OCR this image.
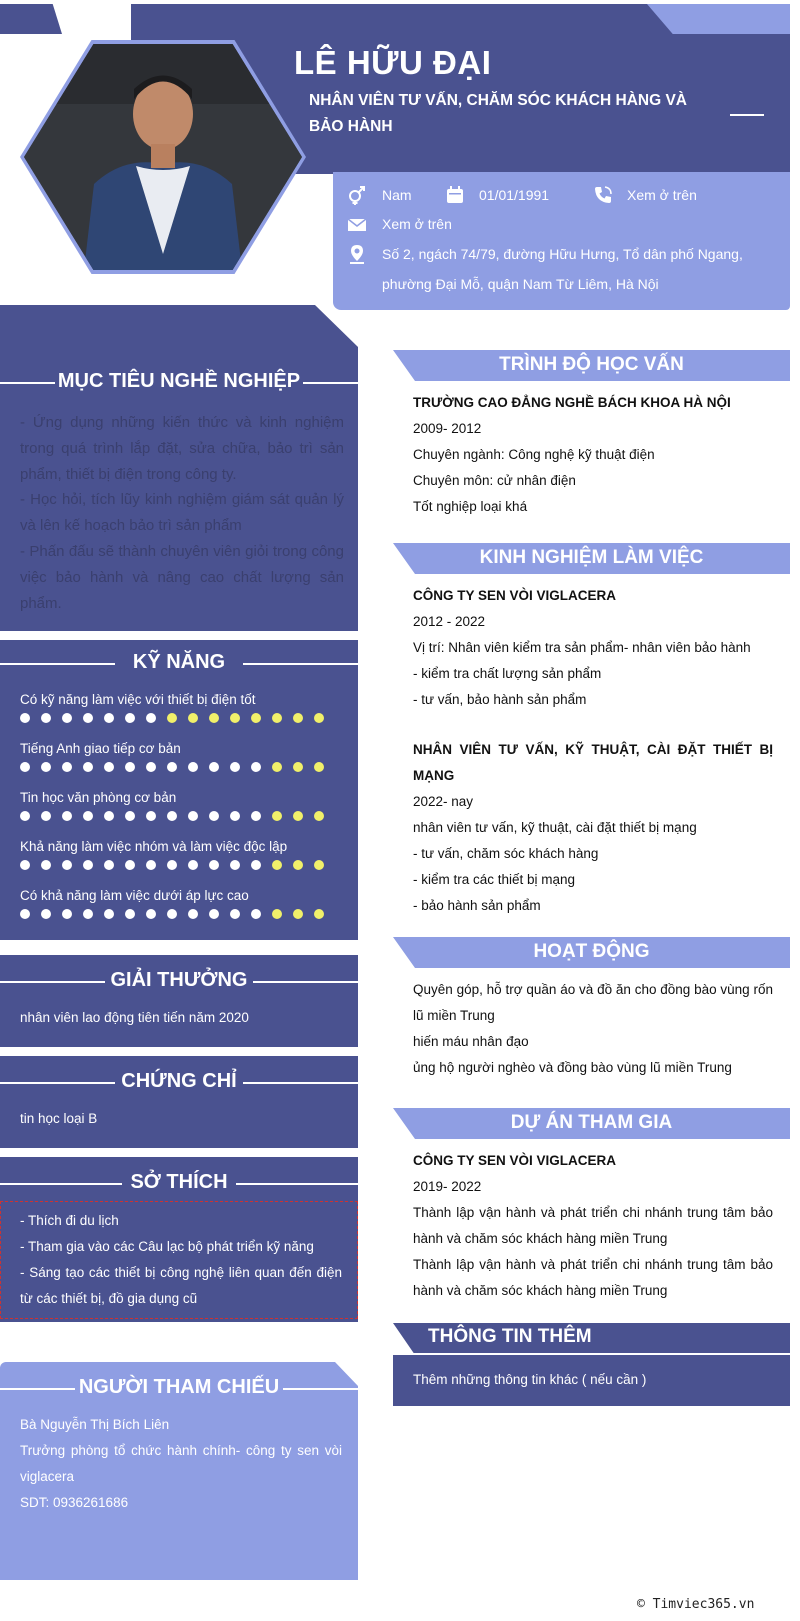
LÊ HỮU ĐẠI
NHÂN VIÊN TƯ VẤN, CHĂM SÓC KHÁCH HÀNG VÀ BẢO HÀNH
Nam	01/01/1991	Xem ở trên
Xem ở trên
Số 2, ngách 74/79, đường Hữu Hưng, Tổ dân phố Ngang,
phường Đại Mỗ, quận Nam Từ Liêm, Hà Nội
MỤC TIÊU NGHỀ NGHIỆP
- Ứng dụng những kiến thức và kinh nghiệm trong quá trình lắp đặt, sửa chữa, bảo trì sản phẩm, thiết bị điện trong công ty.
- Học hỏi, tích lũy kinh nghiệm giám sát quản lý và lên kế hoạch bảo trì sản phẩm
- Phấn đấu sẽ thành chuyên viên giỏi trong công việc bảo hành và nâng cao chất lượng sản phẩm.
KỸ NĂNG
Có kỹ năng làm việc với thiết bị điện tốt
Tiếng Anh giao tiếp cơ bản
Tin học văn phòng cơ bản
Khả năng làm việc nhóm và làm việc độc lập
Có khả năng làm việc dưới áp lực cao
GIẢI THƯỞNG
nhân viên lao động tiên tiến năm 2020
CHỨNG CHỈ
tin học loại B
SỞ THÍCH
- Thích đi du lịch
- Tham gia vào các Câu lạc bộ phát triển kỹ năng
- Sáng tạo các thiết bị công nghệ liên quan đến điện từ các thiết bị, đồ gia dụng cũ
NGƯỜI THAM CHIẾU
Bà Nguyễn Thị Bích Liên
Trưởng phòng tổ chức hành chính- công ty sen vòi viglacera
SDT: 0936261686
TRÌNH ĐỘ HỌC VẤN
TRƯỜNG CAO ĐẲNG NGHỀ BÁCH KHOA HÀ NỘI
2009- 2012
Chuyên ngành: Công nghệ kỹ thuật điện
Chuyên môn: cử nhân điện
Tốt nghiệp loại khá
KINH NGHIỆM LÀM VIỆC
CÔNG TY SEN VÒI VIGLACERA
2012 - 2022
Vị trí: Nhân viên kiểm tra sản phẩm- nhân viên bảo hành
- kiểm tra chất lượng sản phẩm
- tư vấn, bảo hành sản phẩm
NHÂN VIÊN TƯ VẤN, KỸ THUẬT, CÀI ĐẶT THIẾT BỊ MẠNG
2022- nay
nhân viên tư vấn, kỹ thuật, cài đặt thiết bị mạng
- tư vấn, chăm sóc khách hàng
- kiểm tra các thiết bị mạng
- bảo hành sản phẩm
HOẠT ĐỘNG
Quyên góp, hỗ trợ quần áo và đồ ăn cho đồng bào vùng rốn lũ miền Trung
hiến máu nhân đạo
ủng hộ người nghèo và đồng bào vùng lũ miền Trung
DỰ ÁN THAM GIA
CÔNG TY SEN VÒI VIGLACERA
2019- 2022
Thành lập vận hành và phát triển chi nhánh trung tâm bảo hành và chăm sóc khách hàng miền Trung
Thành lập vận hành và phát triển chi nhánh trung tâm bảo hành và chăm sóc khách hàng miền Trung
THÔNG TIN THÊM
Thêm những thông tin khác ( nếu cần )
© Timviec365.vn
